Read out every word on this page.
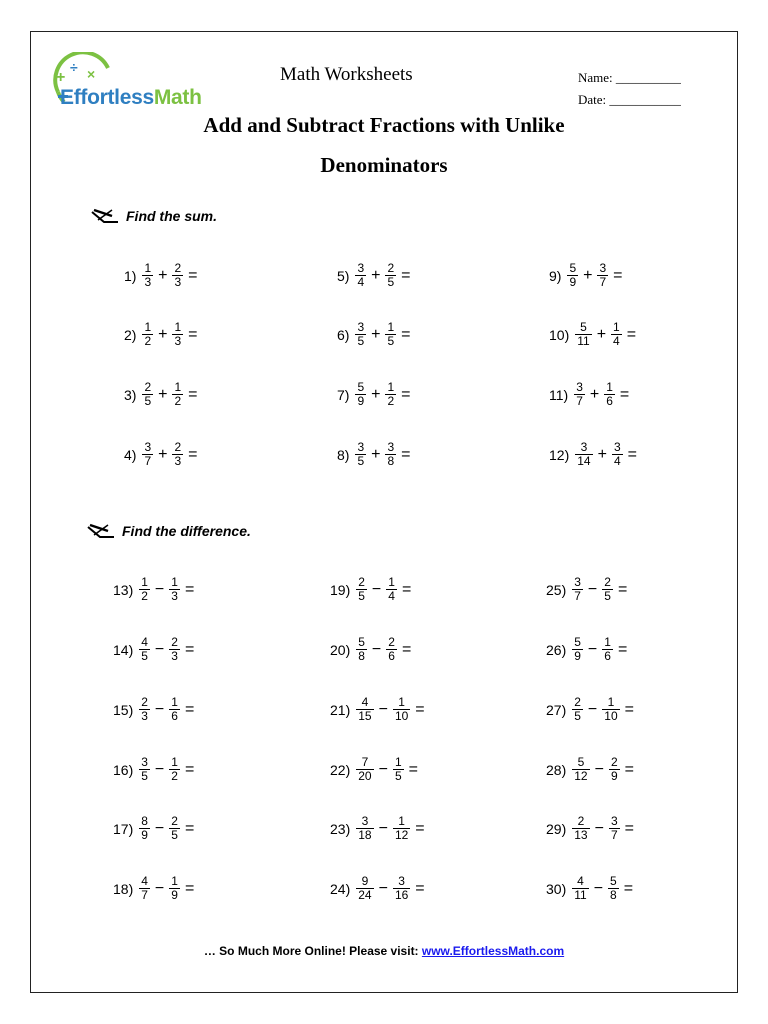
+
÷ ×
EffortlessMath
Math Worksheets	Name: __________
Date: ___________
Add and Subtract Fractions with Unlike
Denominators
Find the sum.
Find the difference.
$1) \frac{1}{3} + \frac{2}{3}$ =
$2) \frac{1}{2} + \frac{1}{3}$ =
$3) \frac{2}{5} + \frac{1}{2}$ =
$4) \frac{3}{7} + \frac{2}{3}$ =
$5) \frac{3}{4} + \frac{2}{5}$ =
$6) \frac{3}{5} + \frac{1}{5}$ =
$7) \frac{5}{9} + \frac{1}{2}$ =
$8) \frac{3}{5} + \frac{3}{8}$ =
$9) \frac{5}{9} + \frac{3}{7}$ =
$10) \frac{5}{11} + \frac{1}{4}$ =
$11) \frac{3}{7} + \frac{1}{6}$ =
$12) \frac{3}{14} + \frac{3}{4}$ =
$13) \frac{1}{2} - \frac{1}{3}$ =
$14) \frac{4}{5} - \frac{2}{3}$ =
$15) \frac{2}{3} - \frac{1}{6}$ =
$16) \frac{3}{5} - \frac{1}{2}$ =
$17) \frac{8}{9} - \frac{2}{5}$ =
$18) \frac{4}{7} - \frac{1}{9}$ =
$19) \frac{2}{5} - \frac{1}{4}$ =
$20) \frac{5}{8} - \frac{2}{6}$ =
$21) \frac{4}{15} - \frac{1}{10}$ =
$22) \frac{7}{20} - \frac{1}{5}$ =
$23) \frac{3}{18} - \frac{1}{12}$ =
$24) \frac{9}{24} - \frac{3}{16}$ =
$25) \frac{3}{7} - \frac{2}{5}$ =
$26) \frac{5}{9} - \frac{1}{6}$ =
$27) \frac{2}{5} - \frac{1}{10}$ =
$28) \frac{5}{12} - \frac{2}{9}$ =
$29) \frac{2}{13} - \frac{3}{7}$ =
$30) \frac{4}{11} - \frac{5}{8}$ =
… So Much More Online! Please visit: www.EffortlessMath.com
